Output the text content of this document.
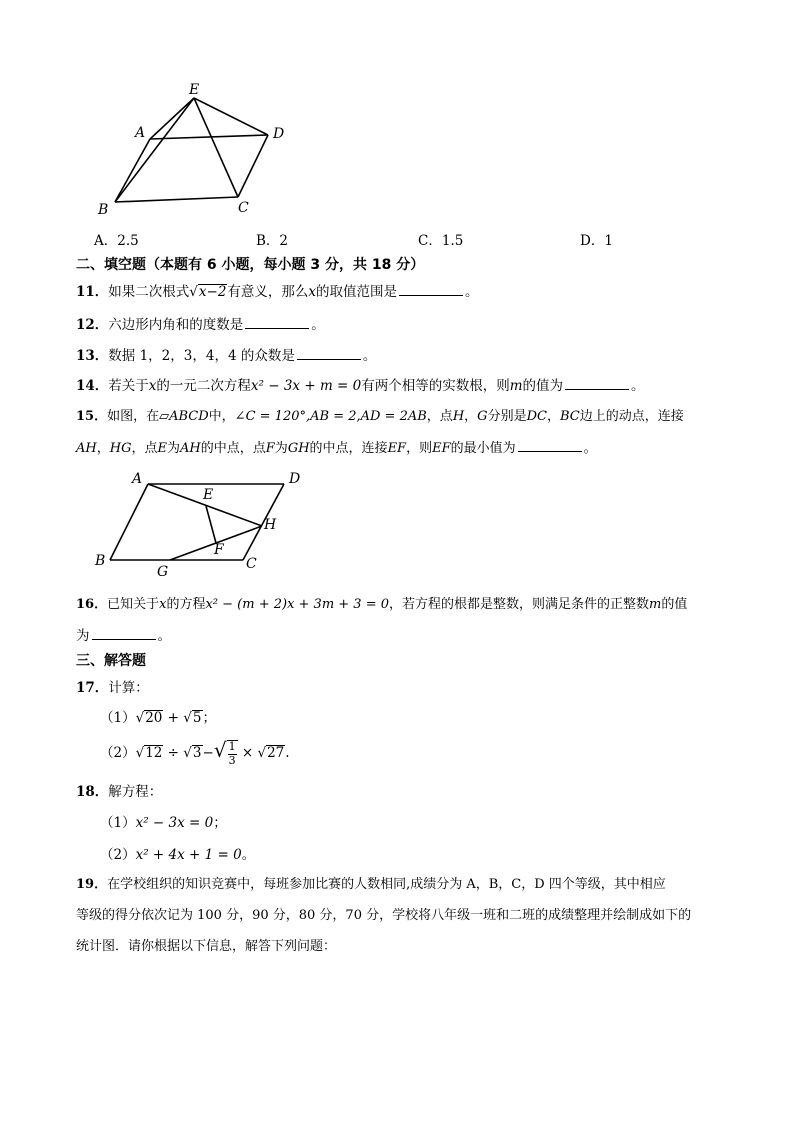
E
A	D
B	C
A．2.5	B．2	C．1.5	D．1
二、填空题（本题有 6 小题，每小题 3 分，共 18 分）
11．如果二次根式√x−2有意义，那么x的取值范围是	。
12．六边形内角和的度数是	。
13．数据 1，2，3，4，4 的众数是	。
14．若关于x的一元二次方程x² − 3x + m = 0有两个相等的实数根，则m的值为	。
15．如图，在▱ABCD中，∠C = 120°,AB = 2,AD = 2AB，点H，G分别是DC，BC边上的动点，连接
AH，HG，点E为AH的中点，点F为GH的中点，连接EF，则EF的最小值为	。
A	D
E
H
F
B
G	C
16．已知关于x的方程x² − (m + 2)x + 3m + 3 = 0，若方程的根都是整数，则满足条件的正整数m的值
为	。
三、解答题
17．计算：
（1）√20 + √5；
$(2)√12 \div √3-√ \frac{1}{3} \times √27$.
18．解方程：
（1）x² − 3x = 0；
（2）x² + 4x + 1 = 0。
19．在学校组织的知识竞赛中，每班参加比赛的人数相同,成绩分为 A，B，C，D 四个等级，其中相应
等级的得分依次记为 100 分，90 分，80 分，70 分，学校将八年级一班和二班的成绩整理并绘制成如下的
统计图．请你根据以下信息，解答下列问题：
